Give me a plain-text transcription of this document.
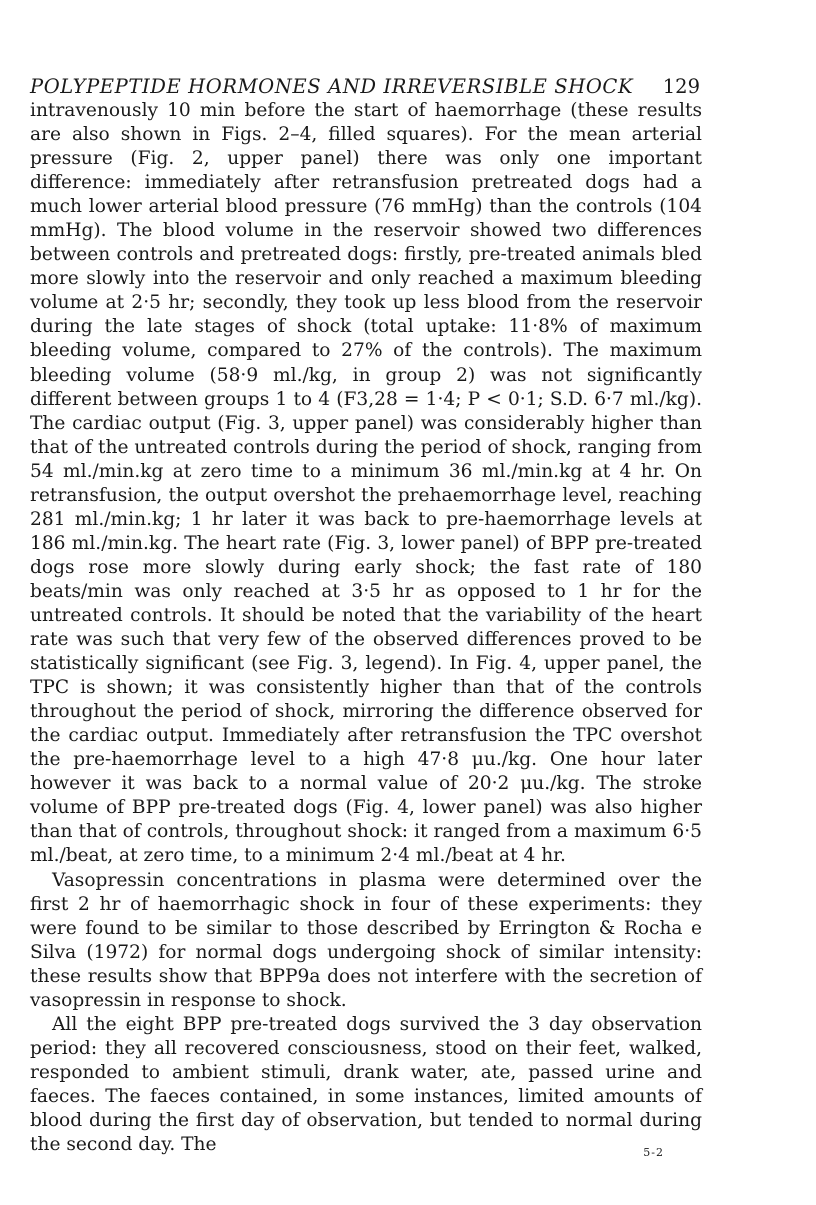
POLYPEPTIDE HORMONES AND IRREVERSIBLE SHOCK 129

intravenously 10 min before the start of haemorrhage (these results are also shown in Figs. 2–4, filled squares). For the mean arterial pressure (Fig. 2, upper panel) there was only one important difference: immediately after retransfusion pretreated dogs had a much lower arterial blood pressure (76 mmHg) than the controls (104 mmHg). The blood volume in the reservoir showed two differences between controls and pretreated dogs: firstly, pre-treated animals bled more slowly into the reservoir and only reached a maximum bleeding volume at 2·5 hr; secondly, they took up less blood from the reservoir during the late stages of shock (total uptake: 11·8% of maximum bleeding volume, compared to 27% of the controls). The maximum bleeding volume (58·9 ml./kg, in group 2) was not significantly different between groups 1 to 4 (F3,28 = 1·4; P < 0·1; S.D. 6·7 ml./kg). The cardiac output (Fig. 3, upper panel) was considerably higher than that of the untreated controls during the period of shock, ranging from 54 ml./min.kg at zero time to a minimum 36 ml./min.kg at 4 hr. On retransfusion, the output overshot the prehaemorrhage level, reaching 281 ml./min.kg; 1 hr later it was back to pre-haemorrhage levels at 186 ml./min.kg. The heart rate (Fig. 3, lower panel) of BPP pre-treated dogs rose more slowly during early shock; the fast rate of 180 beats/min was only reached at 3·5 hr as opposed to 1 hr for the untreated controls. It should be noted that the variability of the heart rate was such that very few of the observed differences proved to be statistically significant (see Fig. 3, legend). In Fig. 4, upper panel, the TPC is shown; it was consistently higher than that of the controls throughout the period of shock, mirroring the difference observed for the cardiac output. Immediately after retransfusion the TPC overshot the pre-haemorrhage level to a high 47·8 μu./kg. One hour later however it was back to a normal value of 20·2 μu./kg. The stroke volume of BPP pre-treated dogs (Fig. 4, lower panel) was also higher than that of controls, throughout shock: it ranged from a maximum 6·5 ml./beat, at zero time, to a minimum 2·4 ml./beat at 4 hr.

Vasopressin concentrations in plasma were determined over the first 2 hr of haemorrhagic shock in four of these experiments: they were found to be similar to those described by Errington & Rocha e Silva (1972) for normal dogs undergoing shock of similar intensity: these results show that BPP9a does not interfere with the secretion of vasopressin in response to shock.

All the eight BPP pre-treated dogs survived the 3 day observation period: they all recovered consciousness, stood on their feet, walked, responded to ambient stimuli, drank water, ate, passed urine and faeces. The faeces contained, in some instances, limited amounts of blood during the first day of observation, but tended to normal during the second day. The	5-2
